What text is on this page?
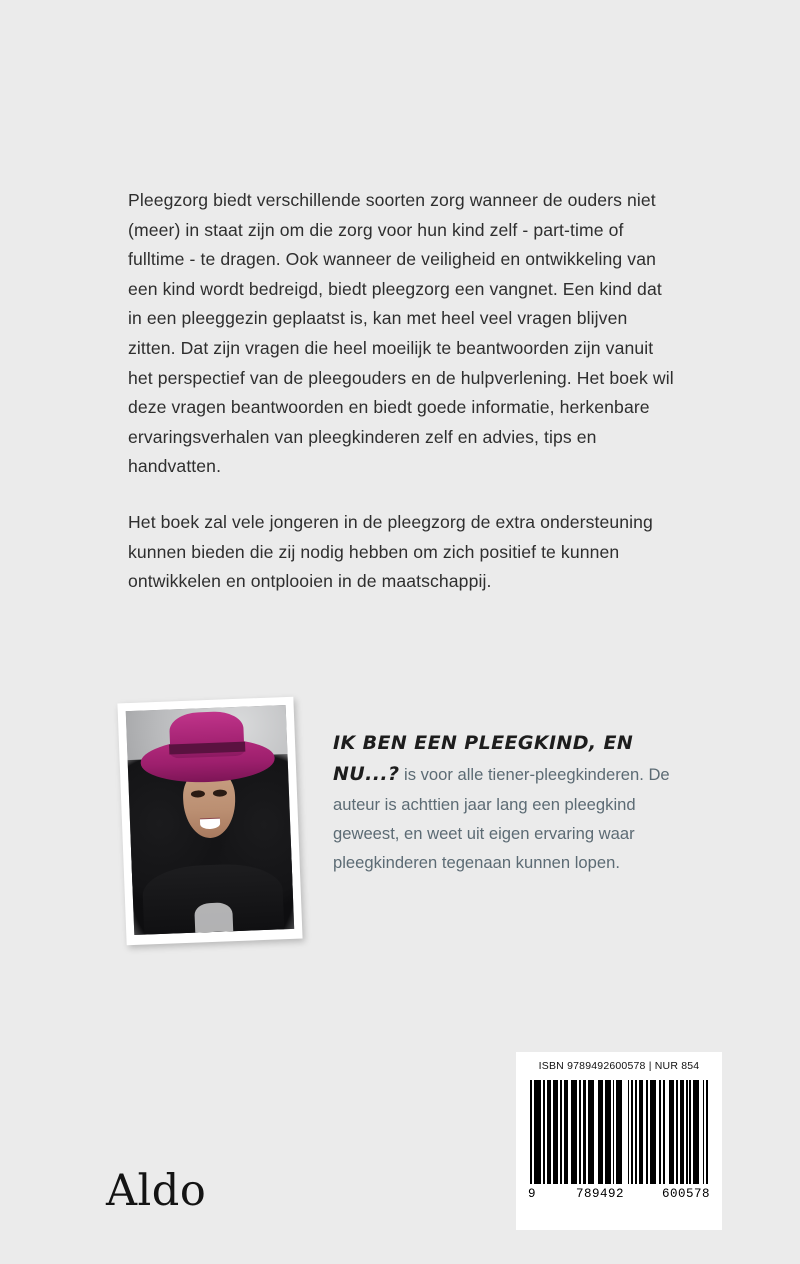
Pleegzorg biedt verschillende soorten zorg wanneer de ouders niet (meer) in staat zijn om die zorg voor hun kind zelf - part-time of fulltime - te dragen. Ook wanneer de veiligheid en ontwikkeling van een kind wordt bedreigd, biedt pleegzorg een vangnet. Een kind dat in een pleeggezin geplaatst is, kan met heel veel vragen blijven zitten. Dat zijn vragen die heel moeilijk te beantwoorden zijn vanuit het perspectief van de pleegouders en de hulpverlening. Het boek wil deze vragen beantwoorden en biedt goede informatie, herkenbare ervaringsverhalen van pleegkinderen zelf en advies, tips en handvatten.

Het boek zal vele jongeren in de pleegzorg de extra ondersteuning kunnen bieden die zij nodig hebben om zich positief te kunnen ontwikkelen en ontplooien in de maatschappij.

IK BEN EEN PLEEGKIND, EN NU...? is voor alle tiener-pleegkinderen. De auteur is achttien jaar lang een pleegkind geweest, en weet uit eigen ervaring waar pleegkinderen tegenaan kunnen lopen.
ISBN 9789492600578 | NUR 854
9	789492	600578
Aldo
